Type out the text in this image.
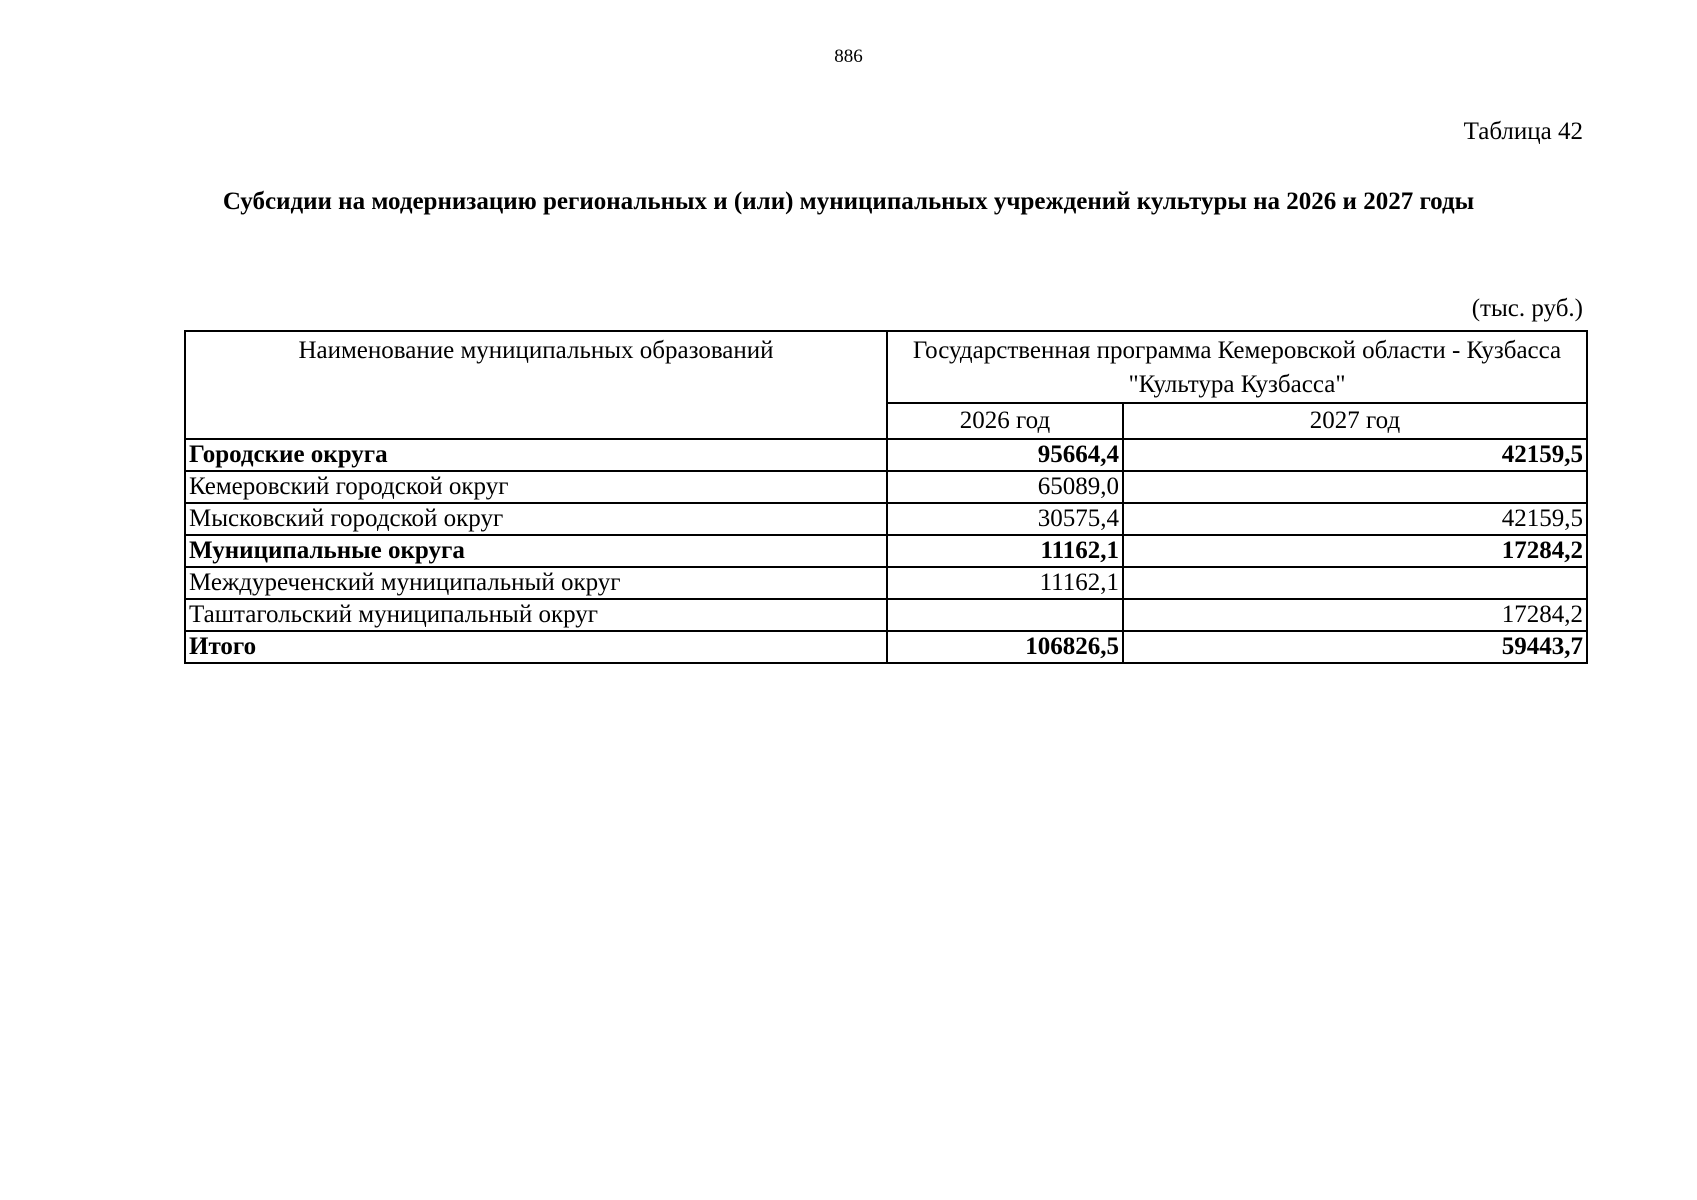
886
Таблица 42
Субсидии на модернизацию региональных и (или) муниципальных учреждений культуры на 2026 и 2027 годы
(тыс. руб.)
Наименование муниципальных образований	Государственная программа Кемеровской области - Кузбасса
"Культура Кузбасса"	

	2026 год	2027 год
Городские округа	95664,4	42159,5
Кемеровский городской округ	65089,0	
Мысковский городской округ	30575,4	42159,5
Муниципальные округа	11162,1	17284,2
Междуреченский муниципальный округ	11162,1	
Таштагольский муниципальный округ		17284,2
Итого	106826,5	59443,7
